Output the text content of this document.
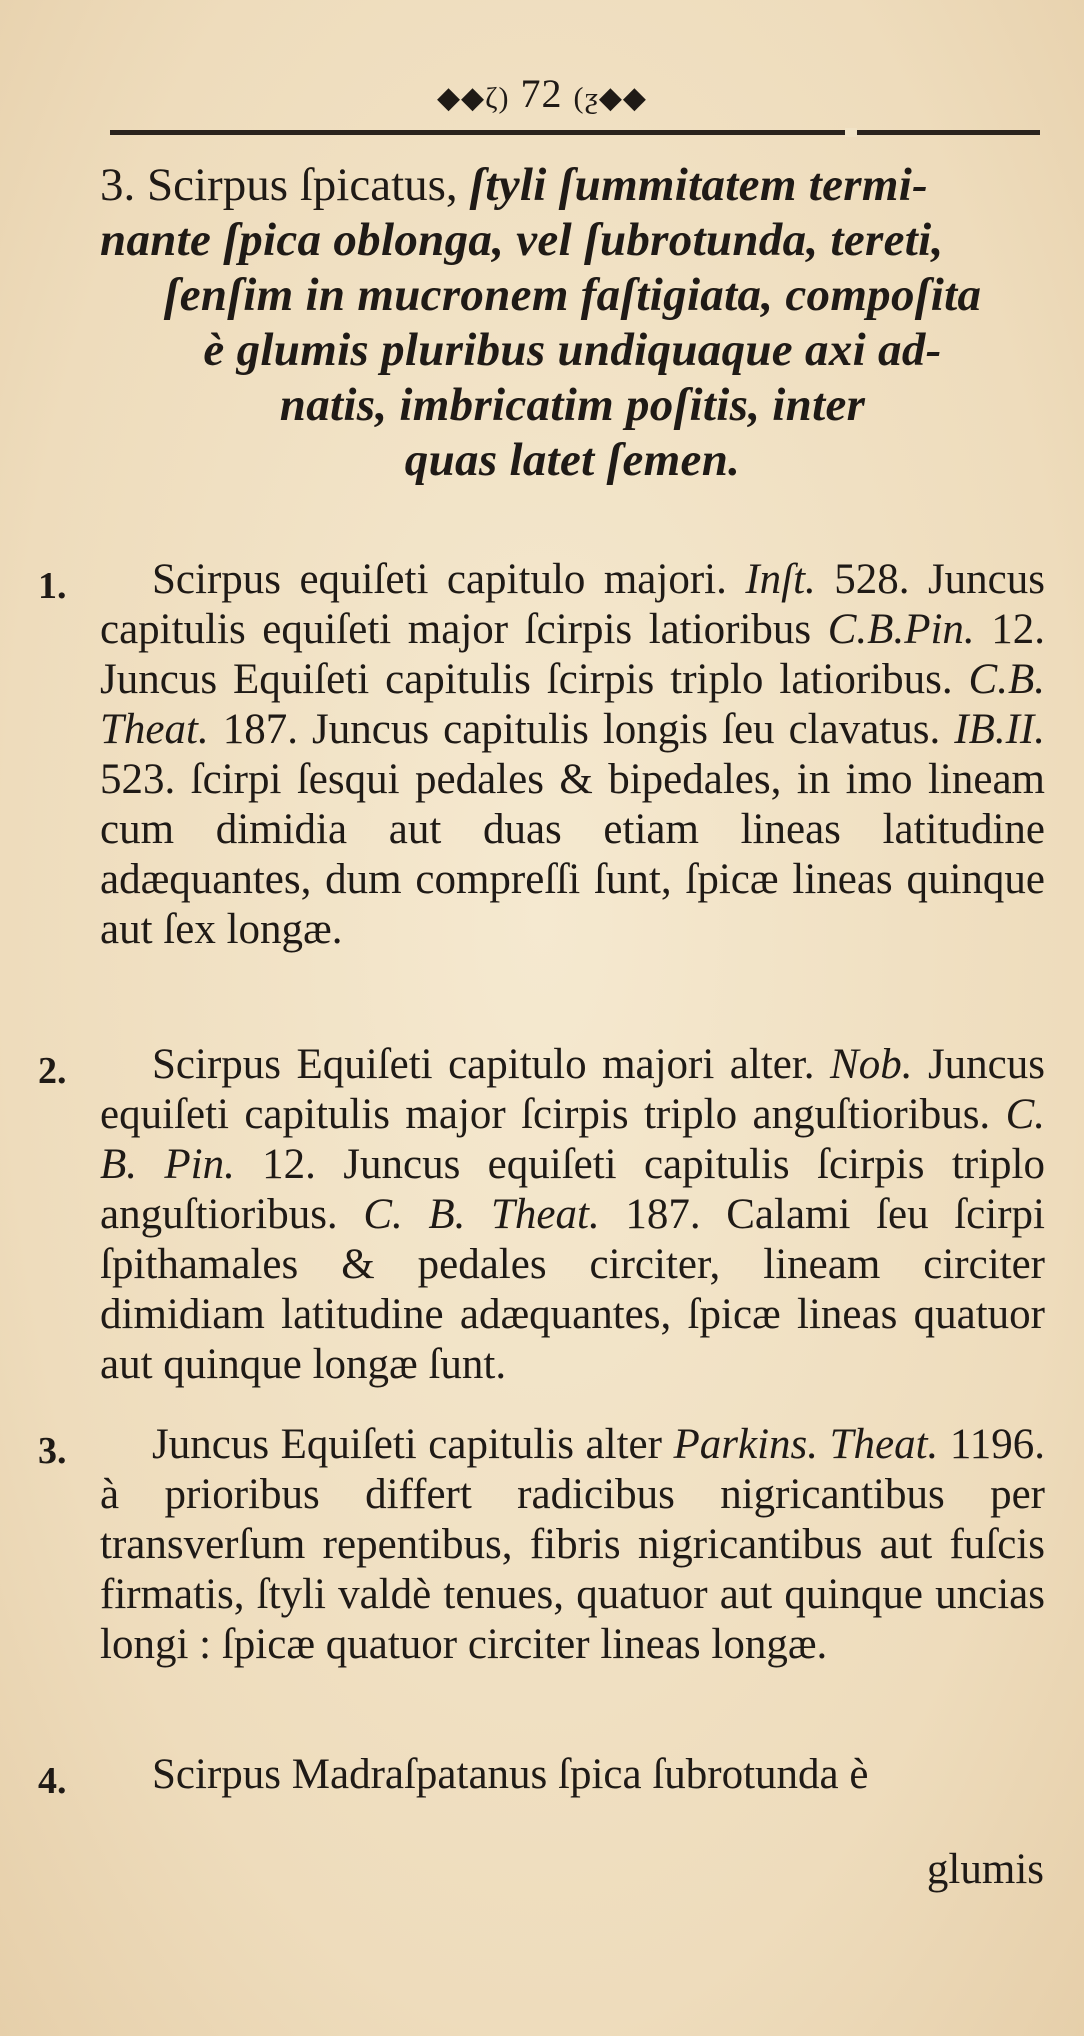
◆◆ζ) 72 (ƺ◆◆
3. Scirpus ſpicatus, ſtyli ſummitatem termi-
nante ſpica oblonga, vel ſubrotunda, tereti,
ſenſim in mucronem faſtigiata, compoſita
è glumis pluribus undiquaque axi ad-
natis, imbricatim poſitis, inter
quas latet ſemen.
1.	Scirpus equiſeti capitulo majori. Inſt. 528. Juncus capitulis equiſeti major ſcirpis latioribus C.B.Pin. 12. Juncus Equiſeti capitulis ſcirpis triplo latioribus. C.B. Theat. 187. Juncus capitulis longis ſeu clavatus. IB.II. 523. ſcirpi ſesqui pedales & bipedales, in imo lineam cum dimidia aut duas etiam lineas latitudine adæquantes, dum compreſſi ſunt, ſpicæ lineas quinque aut ſex longæ.
2.	Scirpus Equiſeti capitulo majori alter. Nob. Juncus equiſeti capitulis major ſcirpis triplo anguſtioribus. C. B. Pin. 12. Juncus equiſeti capitulis ſcirpis triplo anguſtioribus. C. B. Theat. 187. Calami ſeu ſcirpi ſpithamales & pedales circiter, lineam circiter dimidiam latitudine adæquantes, ſpicæ lineas quatuor aut quinque longæ ſunt.
3.	Juncus Equiſeti capitulis alter Parkins. Theat. 1196. à prioribus differt radicibus nigricantibus per transverſum repentibus, fibris nigricantibus aut fuſcis firmatis, ſtyli valdè tenues, quatuor aut quinque uncias longi : ſpicæ quatuor circiter lineas longæ.
4.	Scirpus Madraſpatanus ſpica ſubrotunda è
glumis
